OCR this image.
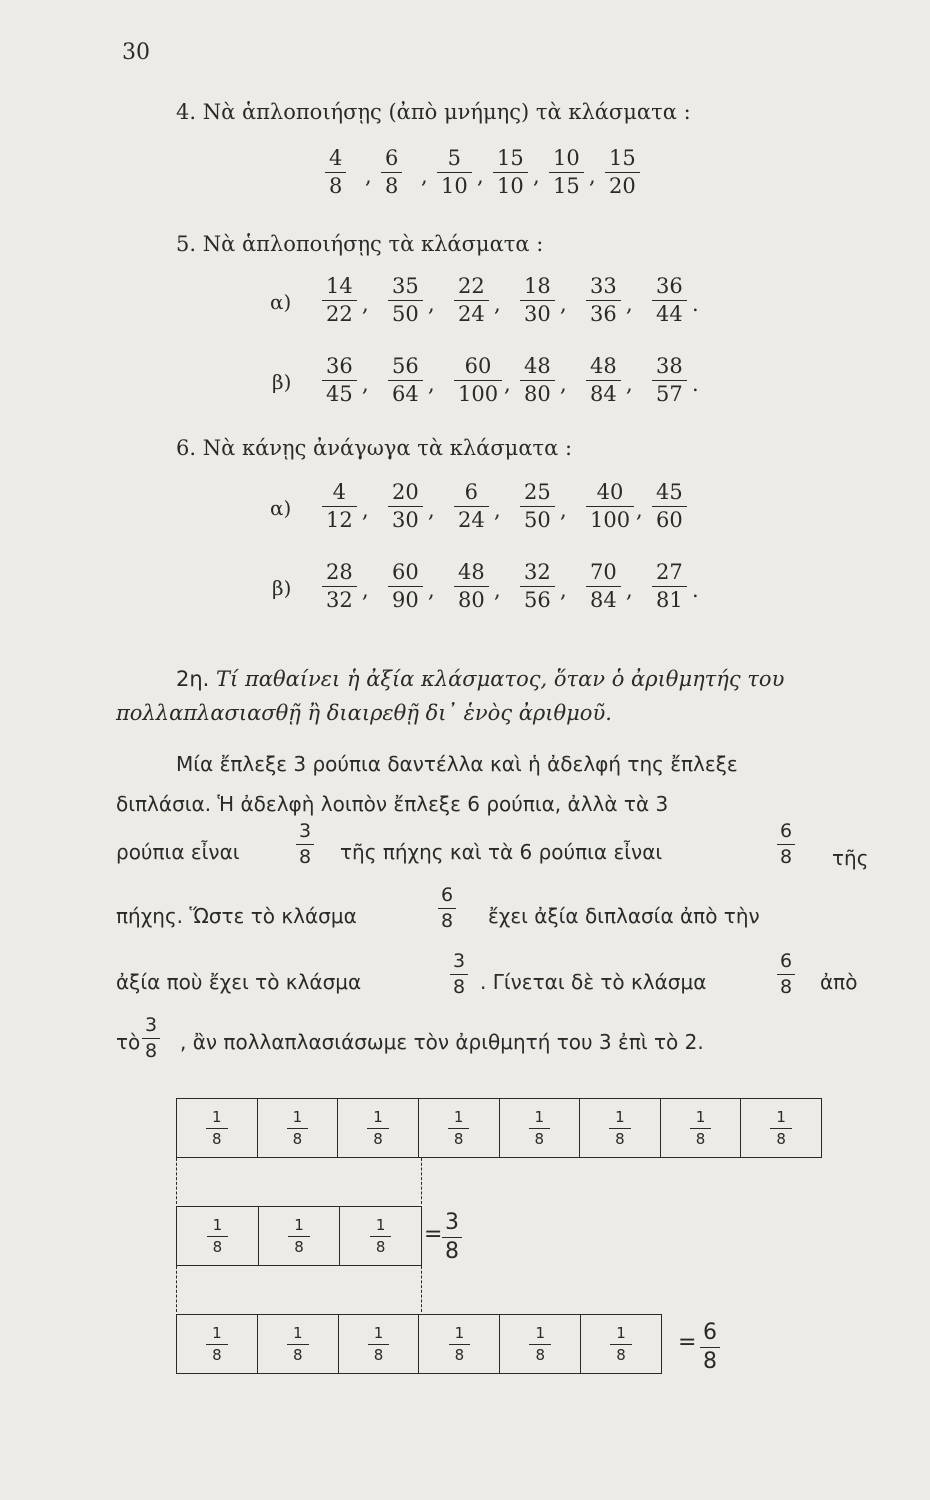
30
4. Νὰ ἁπλοποιήσῃς (ἀπὸ μνήμης) τὰ κλάσματα :
$\frac{4}{8}$ , $\frac{6}{8}$ , $\frac{5}{10}$ , $\frac{15}{10}$ , $\frac{10}{15}$ , $\frac{15}{20}$
5. Νὰ ἁπλοποιήσῃς τὰ κλάσματα :
$\alpha) \frac{14}{22}$ , $\frac{35}{50}$ , $\frac{22}{24}$ , $\frac{18}{30}$ , $\frac{33}{36}$ , $\frac{36}{44}$ .
$\beta) \frac{36}{45}$ , $\frac{56}{64}$ , $\frac{60}{100}$ , $\frac{48}{80}$ , $\frac{48}{84}$ , $\frac{38}{57}$ .
6. Νὰ κάνῃς ἀνάγωγα τὰ κλάσματα :
$\alpha) \frac{4}{12}$ , $\frac{20}{30}$ , $\frac{6}{24}$ , $\frac{25}{50}$ , $\frac{40}{100}$ , $\frac{45}{60}$
$\beta) \frac{28}{32}$ , $\frac{60}{90}$ , $\frac{48}{80}$ , $\frac{32}{56}$ , $\frac{70}{84}$ , $\frac{27}{81}$ .
2η. Τί παθαίνει ἡ ἀξία κλάσματος, ὅταν ὁ ἀριθμητής του
πολλαπλασιασθῇ ἢ διαιρεθῇ δι᾽ ἑνὸς ἀριθμοῦ.
Μία ἔπλεξε 3 ρούπια δαντέλλα καὶ ἡ ἀδελφή της ἔπλεξε
διπλάσια. Ἡ ἀδελφὴ λοιπὸν ἔπλεξε 6 ρούπια, ἀλλὰ τὰ 3
ρούπια εἶναι
3
8 τῆς πήχης καὶ τὰ 6 ρούπια εἶναι
6
8 τῆς
πήχης. Ὥστε τὸ κλάσμα
6
8 ἔχει ἀξία διπλασία ἀπὸ τὴν
ἀξία ποὺ ἔχει τὸ κλάσμα
3
8 . Γίνεται δὲ τὸ κλάσμα
6
8 ἀπὸ
τὸ
3
8 , ἂν πολλαπλασιάσωμε τὸν ἀριθμητή του 3 ἐπὶ τὸ 2.
$\frac{1}{8}$	$\frac{1}{8}$	$\frac{1}{8}$	$\frac{1}{8}$	$\frac{1}{8}$	$\frac{1}{8}$	$\frac{1}{8}$	$\frac{1}{8}$
$\frac{1}{8}$	$\frac{1}{8}$	$\frac{1}{8} = 3$
8
$\frac{1}{8}$	$\frac{1}{8}$	$\frac{1}{8}$	$\frac{1}{8}$	$\frac{1}{8}$	$\frac{1}{8} = 6$
8
